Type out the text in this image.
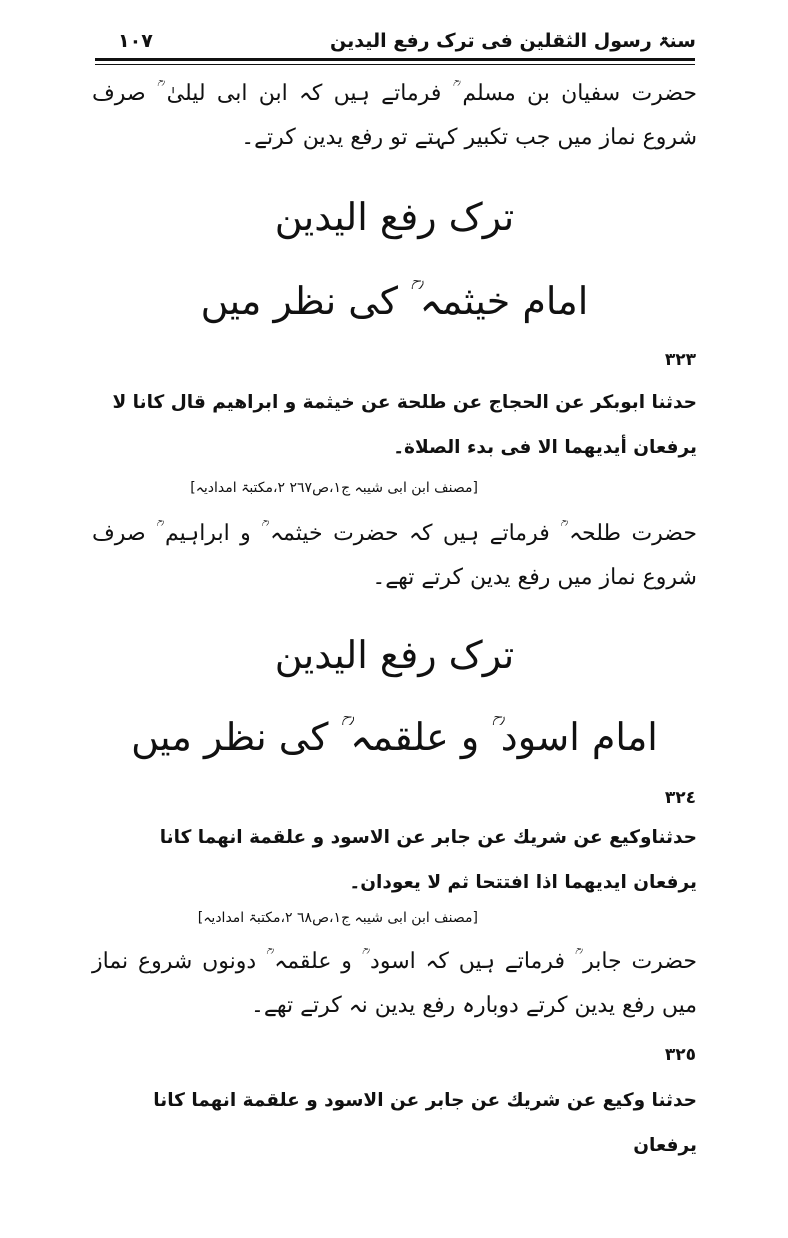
سنۃ رسول الثقلین فی ترک رفع الیدین
۱۰۷
حضرت سفیان بن مسلم ؒ فرماتے ہیں کہ ابن ابی لیلیٰ ؒ صرف شروع نماز میں جب تکبیر کہتے تو رفع یدین کرتے۔
ترک رفع الیدین
امام خیثمہ ؒ کی نظر میں
۳۲۳
حدثنا ابوبكر عن الحجاج عن طلحة عن خيثمة و ابراهيم قال كانا لا يرفعان أيديهما الا فى بدء الصلاة۔
[مصنف ابن ابی شیبہ ج۱،ص۲٦۷ ۲،مکتبۃ امدادیہ]
حضرت طلحہ ؒ فرماتے ہیں کہ حضرت خیثمہ ؒ و ابراہیم ؒ صرف شروع نماز میں رفع یدین کرتے تھے۔
ترک رفع الیدین
امام اسود ؒ و علقمہ ؒ کی نظر میں
۳۲٤
حدثناوكيع عن شريك عن جابر عن الاسود و علقمة انهما كانا يرفعان ايديهما اذا افتتحا ثم لا يعودان۔
[مصنف ابن ابی شیبہ ج۱،ص٦۸ ۲،مکتبۃ امدادیہ]
حضرت جابر ؒ فرماتے ہیں کہ اسود ؒ و علقمہ ؒ دونوں شروع نماز میں رفع یدین کرتے دوبارہ رفع یدین نہ کرتے تھے۔
۳۲٥
حدثنا وكيع عن شريك عن جابر عن الاسود و علقمة انهما كانا يرفعان
